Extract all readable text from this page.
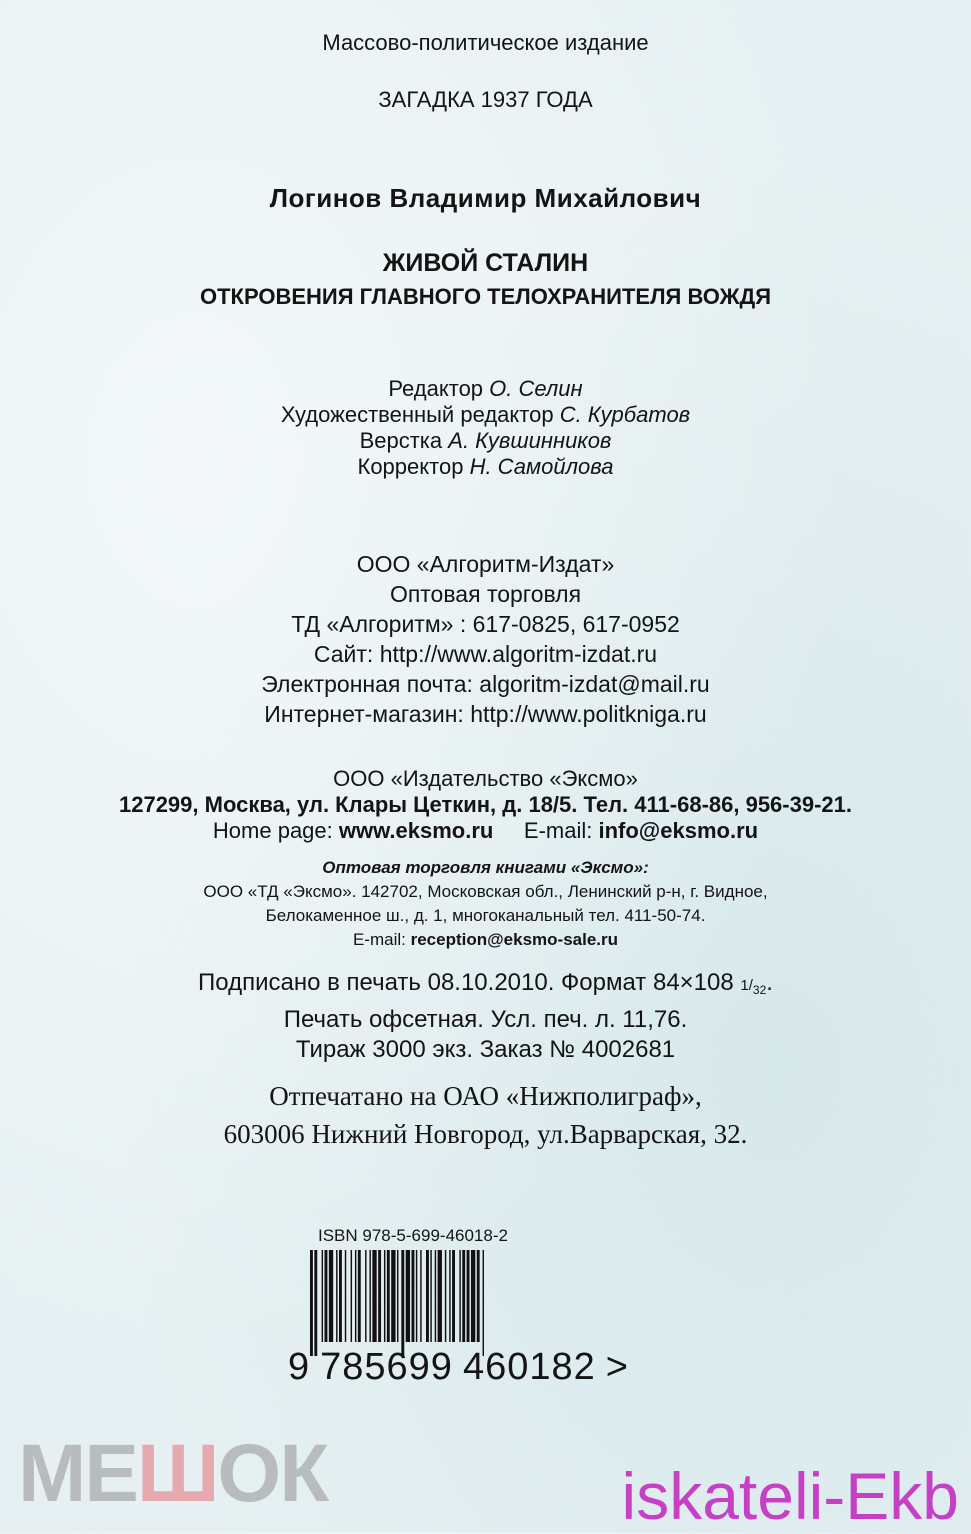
Массово-политическое издание
ЗАГАДКА 1937 ГОДА
Логинов Владимир Михайлович
ЖИВОЙ СТАЛИН
ОТКРОВЕНИЯ ГЛАВНОГО ТЕЛОХРАНИТЕЛЯ ВОЖДЯ
Редактор О. Селин
Художественный редактор С. Курбатов
Верстка А. Кувшинников
Корректор Н. Самойлова
ООО «Алгоритм-Издат»
Оптовая торговля
ТД «Алгоритм» : 617-0825, 617-0952
Сайт: http://www.algoritm-izdat.ru
Электронная почта: algoritm-izdat@mail.ru
Интернет-магазин: http://www.politkniga.ru
ООО «Издательство «Эксмо»
127299, Москва, ул. Клары Цеткин, д. 18/5. Тел. 411-68-86, 956-39-21.
Home page: www.eksmo.ru E-mail: info@eksmo.ru
Оптовая торговля книгами «Эксмо»:
ООО «ТД «Эксмо». 142702, Московская обл., Ленинский р-н, г. Видное,
Белокаменное ш., д. 1, многоканальный тел. 411-50-74.
E-mail: reception@eksmo-sale.ru
Подписано в печать 08.10.2010. Формат 84×108 $1/_{32}$.
Печать офсетная. Усл. печ. л. 11,76.
Тираж 3000 экз. Заказ № 4002681
Отпечатано на ОАО «Нижполиграф»,
603006 Нижний Новгород, ул.Варварская, 32.
ISBN 978-5-699-46018-2
9 785699 460182 >
МЕШОК	iskateli-Ekb
